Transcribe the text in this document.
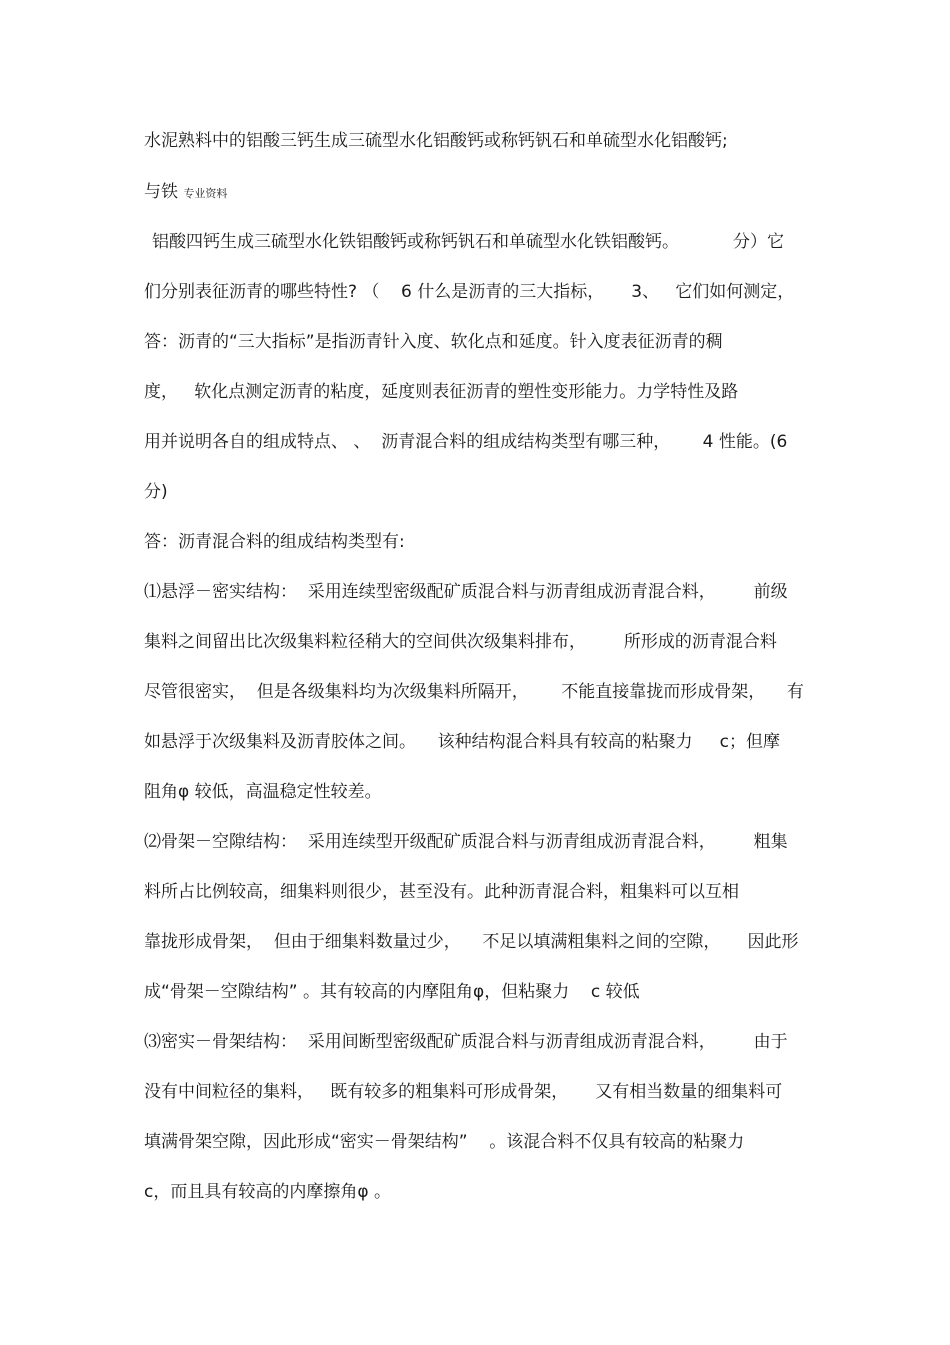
水泥熟料中的铝酸三钙生成三硫型水化铝酸钙或称钙钒石和单硫型水化铝酸钙;
与铁 专业资料
铝酸四钙生成三硫型水化铁铝酸钙或称钙钒石和单硫型水化铁铝酸钙。          分）它
们分别表征沥青的哪些特性? （    6 什么是沥青的三大指标，     3、   它们如何测定，
答：沥青的“三大指标”是指沥青针入度、软化点和延度。针入度表征沥青的稠
度，   软化点测定沥青的粘度，延度则表征沥青的塑性变形能力。力学特性及路
用并说明各自的组成特点、 、  沥青混合料的组成结构类型有哪三种，      4 性能。(6
分)
答：沥青混合料的组成结构类型有:
⑴悬浮－密实结构：  采用连续型密级配矿质混合料与沥青组成沥青混合料，       前级
集料之间留出比次级集料粒径稍大的空间供次级集料排布，       所形成的沥青混合料
尽管很密实，  但是各级集料均为次级集料所隔开，      不能直接靠拢而形成骨架，    有
如悬浮于次级集料及沥青胶体之间。    该种结构混合料具有较高的粘聚力     c；但摩
阻角φ 较低，高温稳定性较差。
⑵骨架－空隙结构：  采用连续型开级配矿质混合料与沥青组成沥青混合料，       粗集
料所占比例较高，细集料则很少，甚至没有。此种沥青混合料，粗集料可以互相
靠拢形成骨架，  但由于细集料数量过少，    不足以填满粗集料之间的空隙，     因此形
成“骨架－空隙结构” 。其有较高的内摩阻角φ，但粘聚力    c 较低
⑶密实－骨架结构：  采用间断型密级配矿质混合料与沥青组成沥青混合料，       由于
没有中间粒径的集料，   既有较多的粗集料可形成骨架，     又有相当数量的细集料可
填满骨架空隙，因此形成“密实－骨架结构”    。该混合料不仅具有较高的粘聚力
c，而且具有较高的内摩擦角φ 。
